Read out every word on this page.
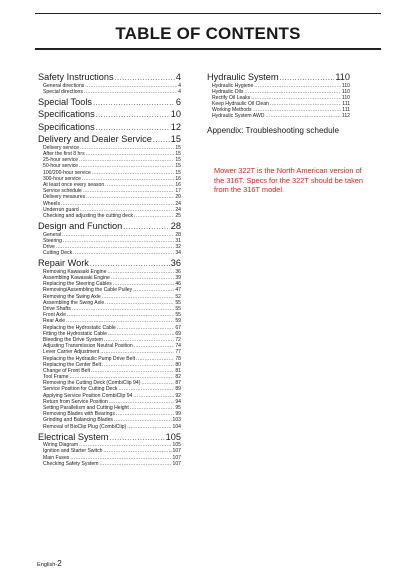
TABLE OF CONTENTS
Safety Instructions .....	4
General directions .....	4
Special directions .....	4
Special Tools .....	6
Specifications .....	10
Specifications .....	12
Delivery and Dealer Service ..... 15
Delivery service .....	15
After the first 8 hrs .....	15
25-hour service .....	15
50-hour service .....	15
100/200-hour service .....	15
300-hour service .....	16
At least once every season .....	16
Service schedule .....	17
Delivery measures .....	20
Wheels .....	24
Underrun guard .....	24
Checking and adjusting the cutting deck .....	25
Design and Function .....	28
General .....	28
Steering .....	31
Drive .....	32
Cutting Deck .....	34
Repair Work .....	36
Removing Kawasaki Engine .....	36
Assembling Kawasaki Engine .....	39
Replacing the Steering Cables .....	46
Removing/Assembling the Cable Pulley .....	47
Removing the Swing Axle .....	52
Assembling the Swing Axle .....	55
Drive Shafts .....	55
Front Axle .....	55
Rear Axle .....	59
Replacing the Hydrostatic Cable .....	67
Fitting the Hydrostatic Cable .....	69
Bleeding the Drive System .....	72
Adjusting Transmission Neutral Position .....	74
Lever Carrier Adjustment .....	77
Replacing the Hydraulic Pump Drive Belt .....	78
Replacing the Center Belt .....	80
Change of Front Belt .....	81
Tool Frame .....	82
Removing the Cutting Deck (CombiClip 94) .....	87
Service Position for Cutting Deck .....	89
Applying Service Position CombiClip 94 .....	92
Return from Service Position .....	94
Setting Parallelism and Cutting Height .....	95
Removing Blades with Bearings .....	99
Grinding and Balancing Blades .....	103
Removal of BioClip Plug (CombiClip) .....	104
Electrical System .....	105
Wiring Diagram .....	105
Ignition and Starter Switch .....	107
Main Fuses .....	107
Checking Safety System .....	107
Hydraulic System .....	110
Hydraulic Hygiene .....	110
Hydraulic Oils .....	110
Rectify Oil Leaks .....	110
Keep Hydraulic Oil Clean .....	111
Working Methods .....	111
Hydraulic System AWD .....	112
Appendix: Troubleshooting schedule
Mower 322T is the North American version of the 316T. Specs for the 322T should be taken from the 316T model.
English-2
